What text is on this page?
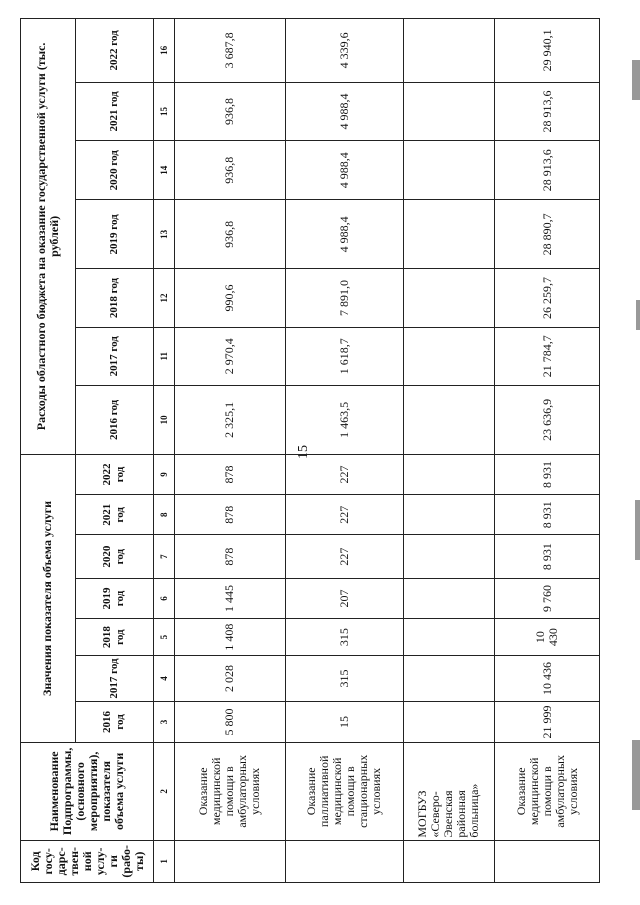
15
Код госу-дарс-твен-ной услу-ги (рабо-ты)	Наименование Подпрограммы, (основного мероприятия), показателя объема услуги	Значения показателя объема услуги							Расходы областного бюджета на оказание государственной услуги (тыс. рублей)						
		2016 год	2017 год	2018 год	2019 год	2020 год	2021 год	2022 год	2016 год	2017 год	2018 год	2019 год	2020 год	2021 год	2022 год
1	2	3	4	5	6	7	8	9	10	11	12	13	14	15	16
	Оказание медицинской помощи в амбулаторных условиях	5 800	2 028	1 408	1 445	878	878	878	2 325,1	2 970,4	990,6	936,8	936,8	936,8	3 687,8
	Оказание паллиативной медицинской помощи в стационарных условиях	15	315	315	207	227	227	227	1 463,5	1 618,7	7 891,0	4 988,4	4 988,4	4 988,4	4 339,6
	МОГБУЗ «Северо-Эвенская районная больница»														
	Оказание медицинской помощи в амбулаторных условиях	21 999	10 436	10 430	9 760	8 931	8 931	8 931	23 636,9	21 784,7	26 259,7	28 890,7	28 913,6	28 913,6	29 940,1
